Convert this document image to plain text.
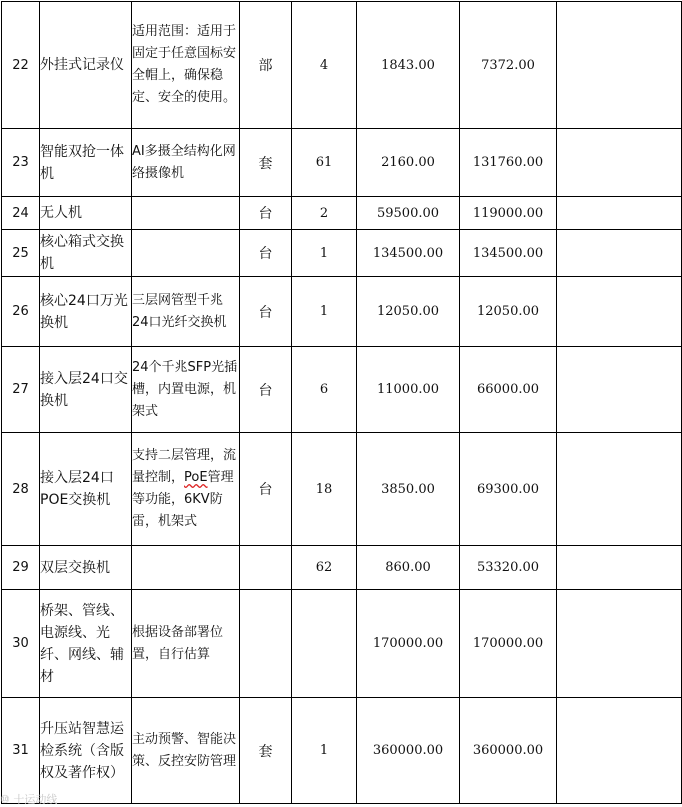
22	外挂式记录仪	适用范围：适用于固定于任意国标安全帽上，确保稳定、安全的使用。	部	4	1843.00	7372.00	
23	智能双抢一体机	AI多摄全结构化网络摄像机	套	61	2160.00	131760.00	
24	无人机		台	2	59500.00	119000.00	
25	核心箱式交换机		台	1	134500.00	134500.00	
26	核心24口万光换机	三层网管型千兆24口光纤交换机	台	1	12050.00	12050.00	
27	接入层24口交换机	24个千兆SFP光插槽，内置电源，机架式	台	6	11000.00	66000.00	
28	接入层24口POE交换机	支持二层管理，流量控制，PoE管理等功能，6KV防雷，机架式	台	18	3850.00	69300.00	
29	双层交换机			62	860.00	53320.00	
30	桥架、管线、电源线、光纤、网线、辅材	根据设备部署位置，自行估算			170000.00	170000.00	
31	升压站智慧运检系统（含版权及著作权）	主动预警、智能决策、反控安防管理	套	1	360000.00	360000.00	
⑩ 十运动线
